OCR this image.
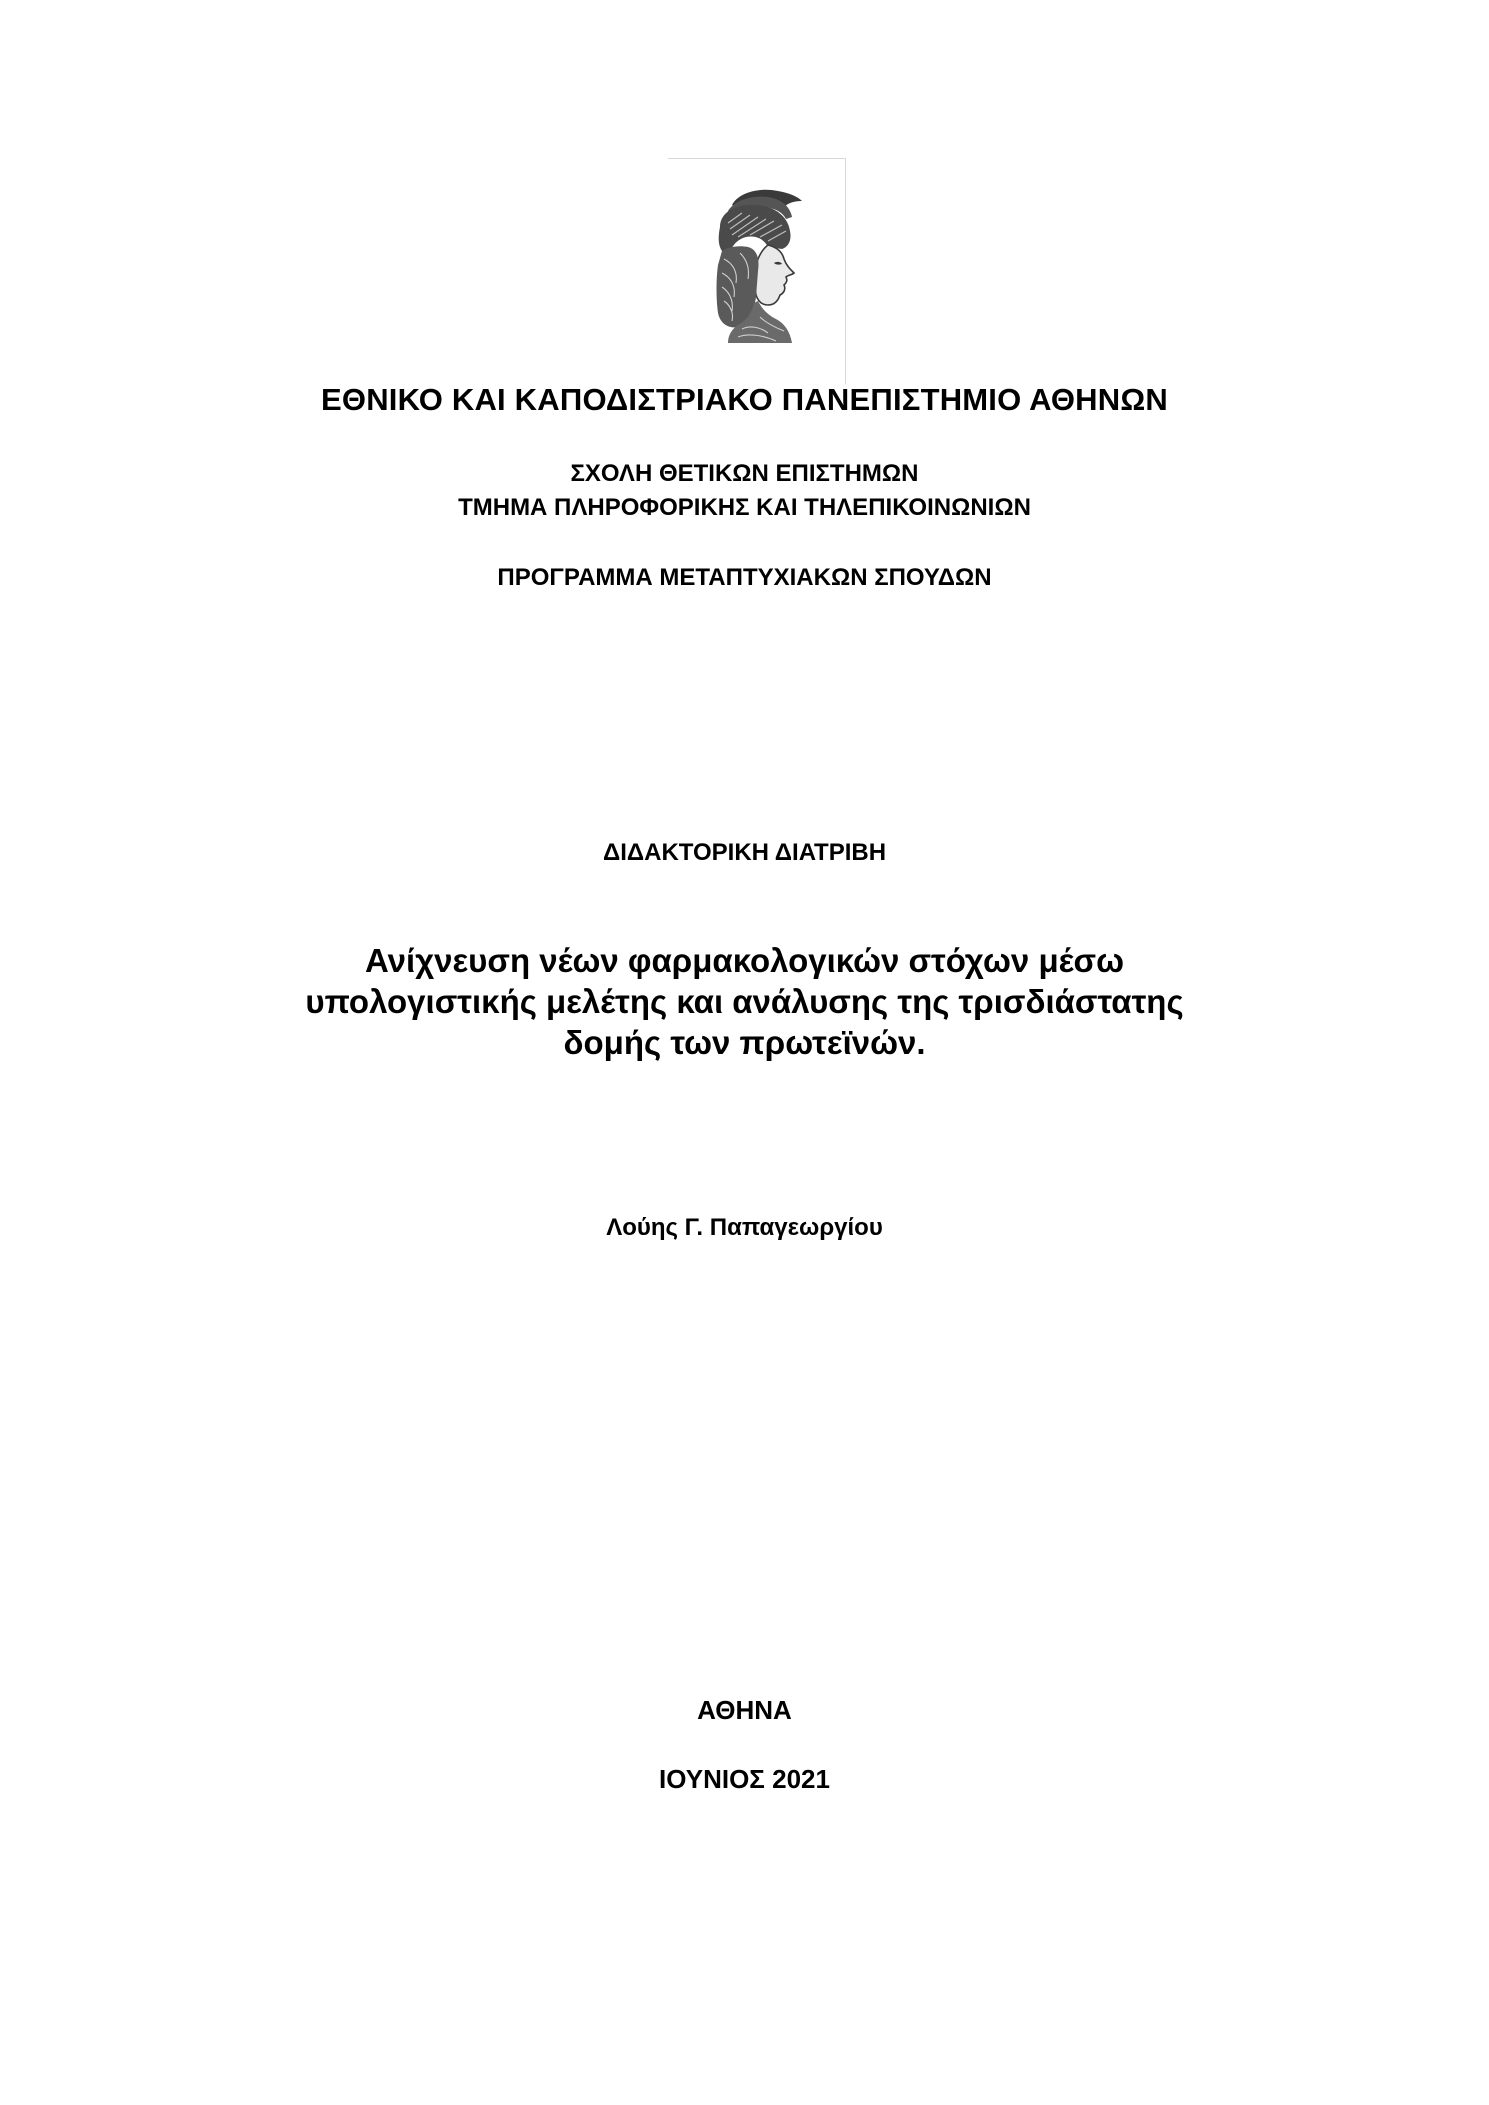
ΕΘΝΙΚΟ ΚΑΙ ΚΑΠΟΔΙΣΤΡΙΑΚΟ ΠΑΝΕΠΙΣΤΗΜΙΟ ΑΘΗΝΩΝ
ΣΧΟΛΗ ΘΕΤΙΚΩΝ ΕΠΙΣΤΗΜΩΝ
ΤΜΗΜΑ ΠΛΗΡΟΦΟΡΙΚΗΣ ΚΑΙ ΤΗΛΕΠΙΚΟΙΝΩΝΙΩΝ
ΠΡΟΓΡΑΜΜΑ ΜΕΤΑΠΤΥΧΙΑΚΩΝ ΣΠΟΥΔΩΝ
ΔΙΔΑΚΤΟΡΙΚΗ ΔΙΑΤΡΙΒΗ
Ανίχνευση νέων φαρμακολογικών στόχων μέσω
υπολογιστικής μελέτης και ανάλυσης της τρισδιάστατης
δομής των πρωτεϊνών.
Λούης Γ. Παπαγεωργίου
ΑΘΗΝΑ
ΙΟΥΝΙΟΣ 2021
